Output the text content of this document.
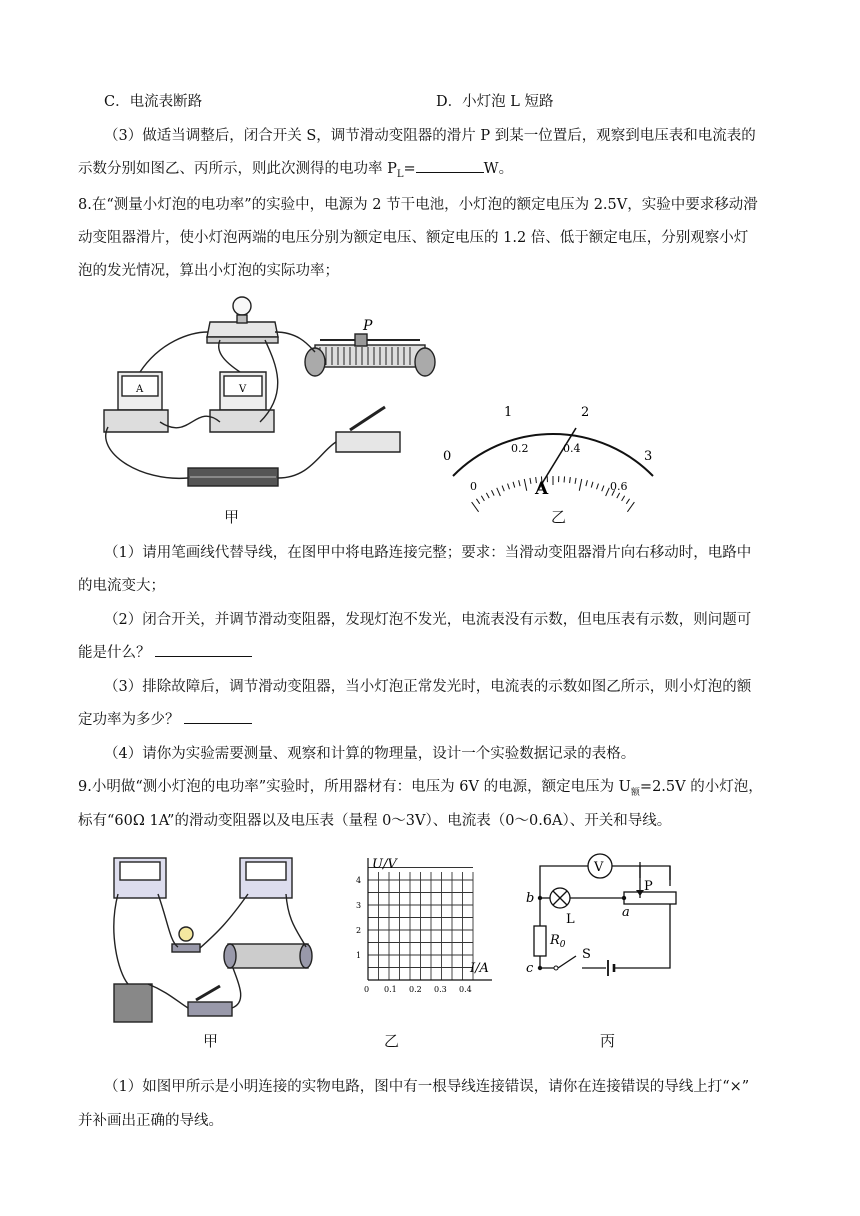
C．电流表断路	D．小灯泡 L 短路
（3）做适当调整后，闭合开关 S，调节滑动变阻器的滑片 P 到某一位置后，观察到电压表和电流表的
示数分别如图乙、丙所示，则此次测得的电功率 $P_L=$	W。
8.在“测量小灯泡的电功率”的实验中，电源为 2 节干电池，小灯泡的额定电压为 2.5V，实验中要求移动滑
动变阻器滑片，使小灯泡两端的电压分别为额定电压、额定电压的 1.2 倍、低于额定电压，分别观察小灯
泡的发光情况，算出小灯泡的实际功率；
P
A	V
甲
0
1	2
3
0
0.2	0.4
0.6
A
乙
（1）请用笔画线代替导线，在图甲中将电路连接完整；要求：当滑动变阻器滑片向右移动时，电路中
的电流变大；
（2）闭合开关，并调节滑动变阻器，发现灯泡不发光，电流表没有示数，但电压表有示数，则问题可
能是什么？
（3）排除故障后，调节滑动变阻器，当小灯泡正常发光时，电流表的示数如图乙所示，则小灯泡的额
定功率为多少？
（4）请你为实验需要测量、观察和计算的物理量，设计一个实验数据记录的表格。
9.小明做“测小灯泡的电功率”实验时，所用器材有：电压为 6V 的电源，额定电压为 $U_额=2.5V$ 的小灯泡，
标有“60Ω 1A”的滑动变阻器以及电压表（量程 0～3V）、电流表（0～0.6A）、开关和导线。
甲
U/V
I/A
1
2
3
4
0 0.1 0.2 0.3 0.4
乙
V
L
P
S
$R_0$
b
a
c
丙
（1）如图甲所示是小明连接的实物电路，图中有一根导线连接错误，请你在连接错误的导线上打“×”
并补画出正确的导线。
